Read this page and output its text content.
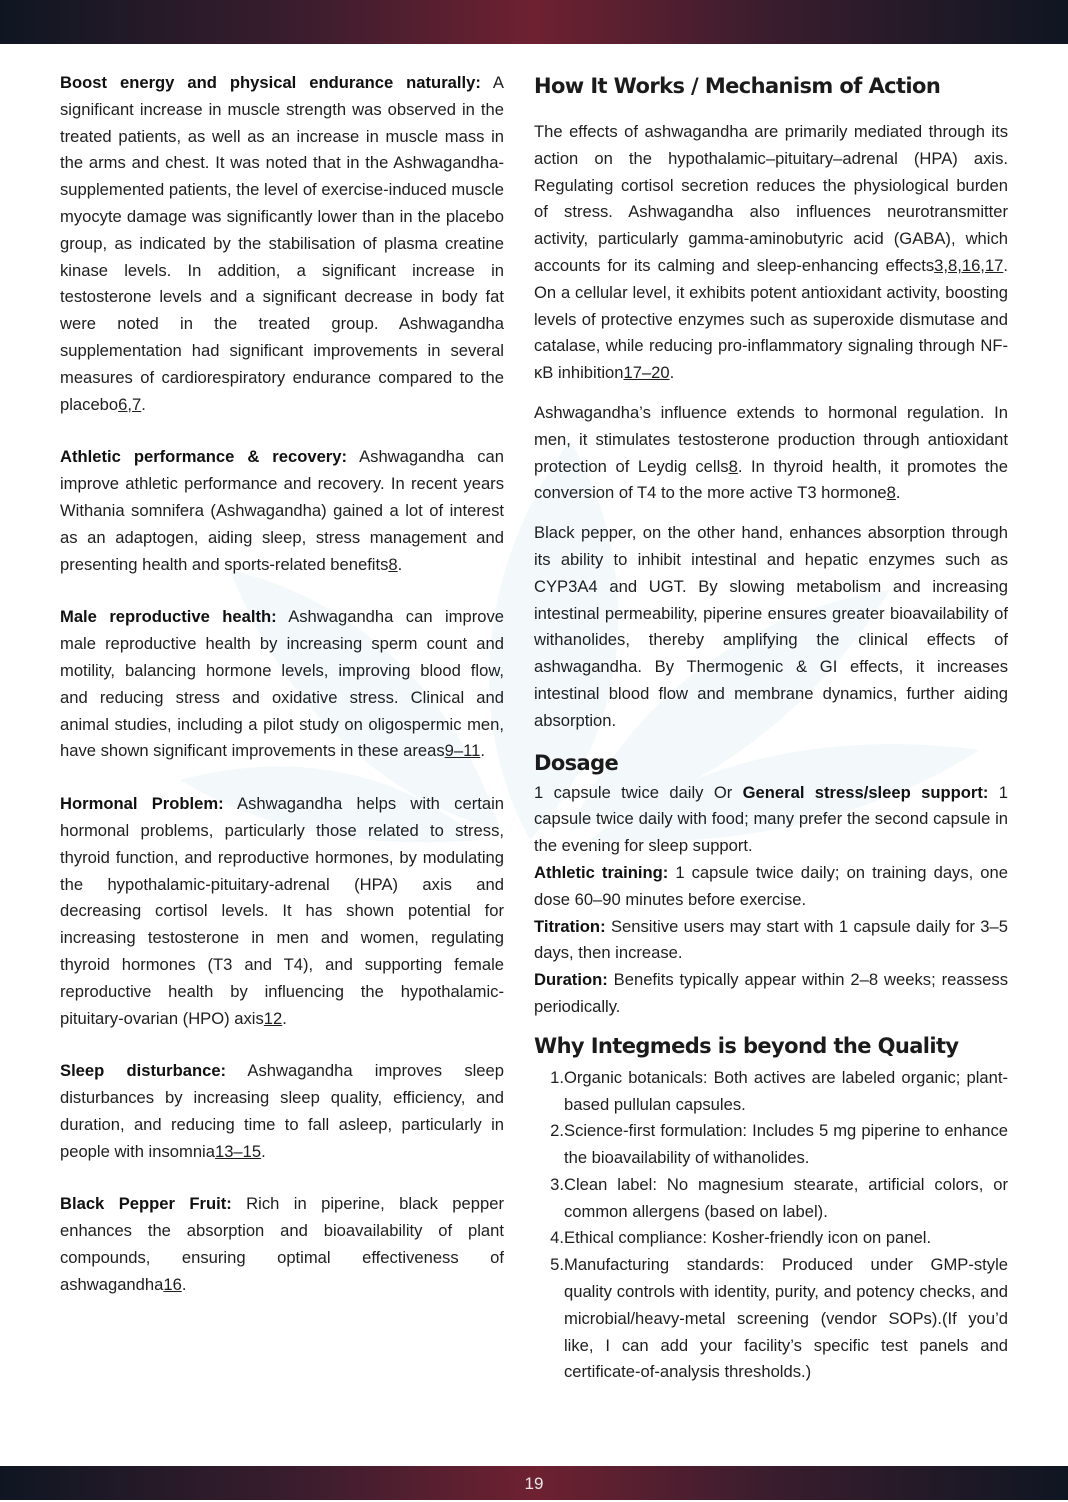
Boost energy and physical endurance naturally: A significant increase in muscle strength was observed in the treated patients, as well as an increase in muscle mass in the arms and chest. It was noted that in the Ashwagandha-supplemented patients, the level of exercise-induced muscle myocyte damage was significantly lower than in the placebo group, as indicated by the stabilisation of plasma creatine kinase levels. In addition, a significant increase in testosterone levels and a significant decrease in body fat were noted in the treated group. Ashwagandha supplementation had significant improvements in several measures of cardiorespiratory endurance compared to the placebo6,7.

Athletic performance & recovery: Ashwagandha can improve athletic performance and recovery. In recent years Withania somnifera (Ashwagandha) gained a lot of interest as an adaptogen, aiding sleep, stress management and presenting health and sports-related benefits8.

Male reproductive health: Ashwagandha can improve male reproductive health by increasing sperm count and motility, balancing hormone levels, improving blood flow, and reducing stress and oxidative stress. Clinical and animal studies, including a pilot study on oligospermic men, have shown significant improvements in these areas9–11.

Hormonal Problem: Ashwagandha helps with certain hormonal problems, particularly those related to stress, thyroid function, and reproductive hormones, by modulating the hypothalamic-pituitary-adrenal (HPA) axis and decreasing cortisol levels. It has shown potential for increasing testosterone in men and women, regulating thyroid hormones (T3 and T4), and supporting female reproductive health by influencing the hypothalamic-pituitary-ovarian (HPO) axis12.

Sleep disturbance: Ashwagandha improves sleep disturbances by increasing sleep quality, efficiency, and duration, and reducing time to fall asleep, particularly in people with insomnia13–15.

Black Pepper Fruit: Rich in piperine, black pepper enhances the absorption and bioavailability of plant compounds, ensuring optimal effectiveness of ashwagandha16.

How It Works / Mechanism of Action

The effects of ashwagandha are primarily mediated through its action on the hypothalamic–pituitary–adrenal (HPA) axis. Regulating cortisol secretion reduces the physiological burden of stress. Ashwagandha also influences neurotransmitter activity, particularly gamma-aminobutyric acid (GABA), which accounts for its calming and sleep-enhancing effects3,8,16,17. On a cellular level, it exhibits potent antioxidant activity, boosting levels of protective enzymes such as superoxide dismutase and catalase, while reducing pro-inflammatory signaling through NF-κB inhibition17–20.

Ashwagandha’s influence extends to hormonal regulation. In men, it stimulates testosterone production through antioxidant protection of Leydig cells8. In thyroid health, it promotes the conversion of T4 to the more active T3 hormone8.

Black pepper, on the other hand, enhances absorption through its ability to inhibit intestinal and hepatic enzymes such as CYP3A4 and UGT. By slowing metabolism and increasing intestinal permeability, piperine ensures greater bioavailability of withanolides, thereby amplifying the clinical effects of ashwagandha. By Thermogenic & GI effects, it increases intestinal blood flow and membrane dynamics, further aiding absorption.

Dosage

1 capsule twice daily Or General stress/sleep support: 1 capsule twice daily with food; many prefer the second capsule in the evening for sleep support.

Athletic training: 1 capsule twice daily; on training days, one dose 60–90 minutes before exercise.

Titration: Sensitive users may start with 1 capsule daily for 3–5 days, then increase.

Duration: Benefits typically appear within 2–8 weeks; reassess periodically.

Why Integmeds is beyond the Quality
1 . Organic botanicals: Both actives are labeled organic; plant-based pullulan capsules.
2 . Science-first formulation: Includes 5 mg piperine to enhance the bioavailability of withanolides.
3 . Clean label: No magnesium stearate, artificial colors, or common allergens (based on label).
4 . Ethical compliance: Kosher-friendly icon on panel.
5 . Manufacturing standards: Produced under GMP-style quality controls with identity, purity, and potency checks, and microbial/heavy-metal screening (vendor SOPs).(If you’d like, I can add your facility’s specific test panels and certificate-of-analysis thresholds.)
19
